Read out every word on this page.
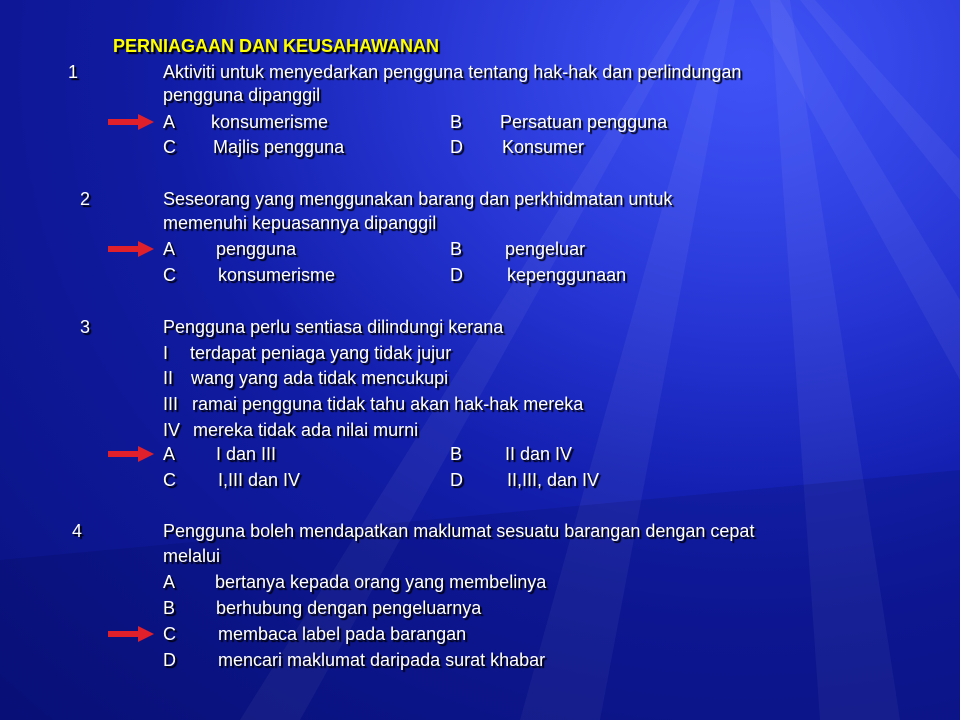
PERNIAGAAN DAN KEUSAHAWANAN
1	Aktiviti untuk menyedarkan pengguna tentang hak-hak dan perlindungan
pengguna dipanggil
A konsumerisme	B Persatuan pengguna
C Majlis pengguna	D Konsumer
2	Seseorang yang menggunakan barang dan perkhidmatan untuk
memenuhi kepuasannya dipanggil
A pengguna	B pengeluar
C konsumerisme	D kepenggunaan
3	Pengguna perlu sentiasa dilindungi kerana
I terdapat peniaga yang tidak jujur
II wang yang ada tidak mencukupi
III ramai pengguna tidak tahu akan hak-hak mereka
IV mereka tidak ada nilai murni
A I dan III	B II dan IV
C I,III dan IV	D II,III, dan IV
4	Pengguna boleh mendapatkan maklumat sesuatu barangan dengan cepat
melalui
A bertanya kepada orang yang membelinya
B berhubung dengan pengeluarnya
C membaca label pada barangan
D mencari maklumat daripada surat khabar
